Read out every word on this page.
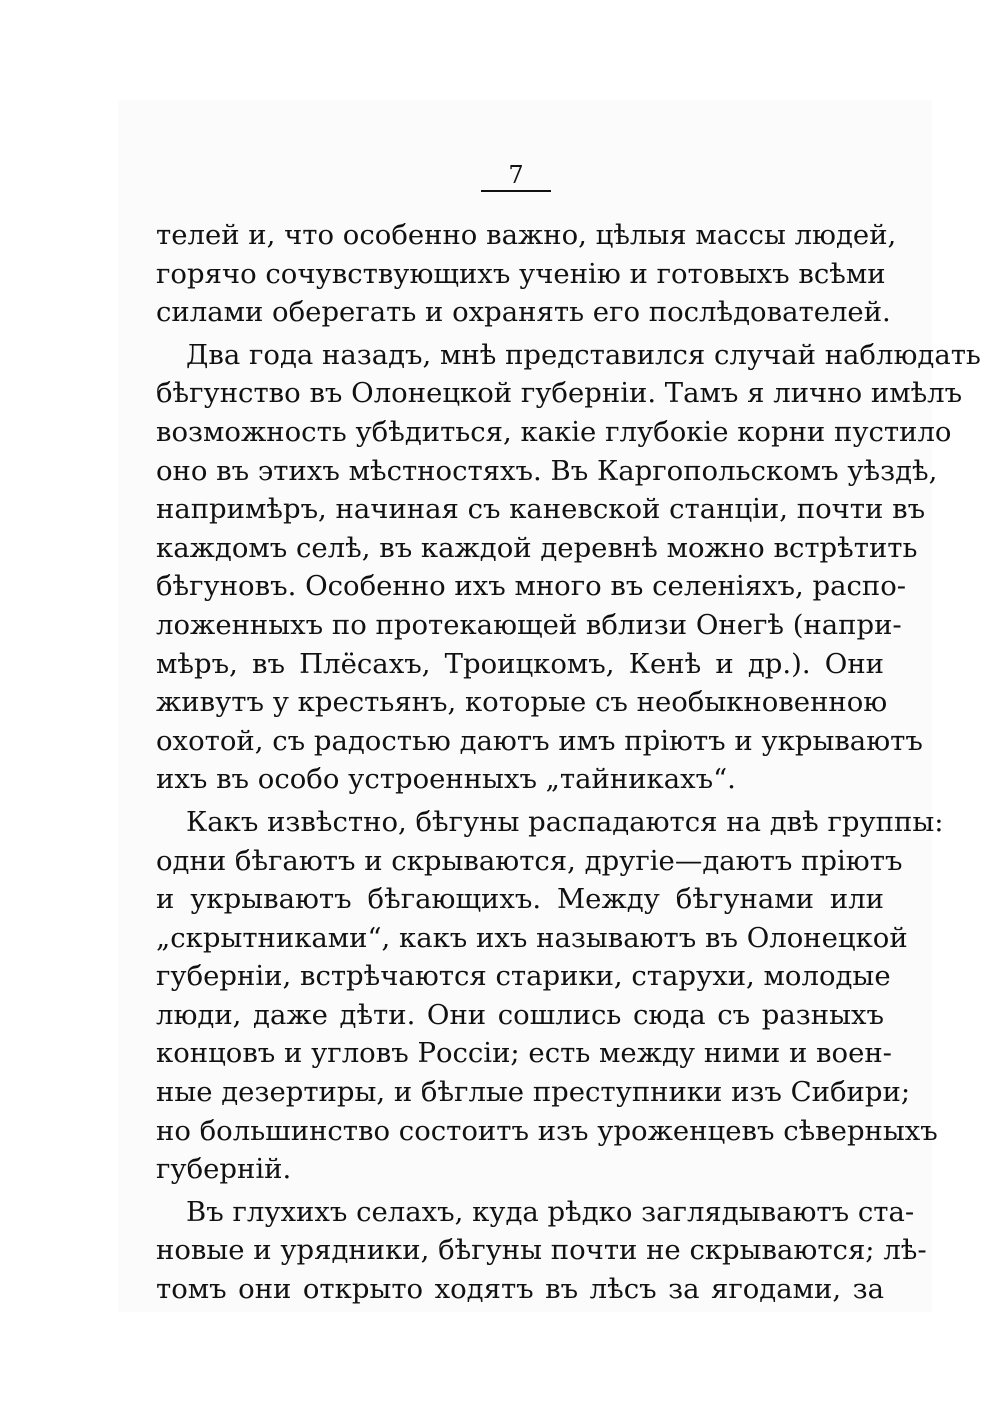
7
телей и, что особенно важно, цѣлыя массы людей,
горячо сочувствующихъ ученію и готовыхъ всѣми
силами оберегать и охранять его послѣдователей.
Два года назадъ, мнѣ представился случай наблюдать
бѣгунство въ Олонецкой губерніи. Тамъ я лично имѣлъ
возможность убѣдиться, какіе глубокіе корни пустило
оно въ этихъ мѣстностяхъ. Въ Каргопольскомъ уѣздѣ,
напримѣръ, начиная съ каневской станціи, почти въ
каждомъ селѣ, въ каждой деревнѣ можно встрѣтить
бѣгуновъ. Особенно ихъ много въ селеніяхъ, распо-
ложенныхъ по протекающей вблизи Онегѣ (напри-
мѣръ, въ Плёсахъ, Троицкомъ, Кенѣ и др.). Они
живутъ у крестьянъ, которые съ необыкновенною
охотой, съ радостью даютъ имъ пріютъ и укрываютъ
ихъ въ особо устроенныхъ „тайникахъ“.
Какъ извѣстно, бѣгуны распадаются на двѣ группы:
одни бѣгаютъ и скрываются, другіе—даютъ пріютъ
и укрываютъ бѣгающихъ. Между бѣгунами или
„скрытниками“, какъ ихъ называютъ въ Олонецкой
губерніи, встрѣчаются старики, старухи, молодые
люди, даже дѣти. Они сошлись сюда съ разныхъ
концовъ и угловъ Россіи; есть между ними и воен-
ные дезертиры, и бѣглые преступники изъ Сибири;
но большинство состоитъ изъ уроженцевъ сѣверныхъ
губерній.
Въ глухихъ селахъ, куда рѣдко заглядываютъ ста-
новые и урядники, бѣгуны почти не скрываются; лѣ-
томъ они открыто ходятъ въ лѣсъ за ягодами, за
